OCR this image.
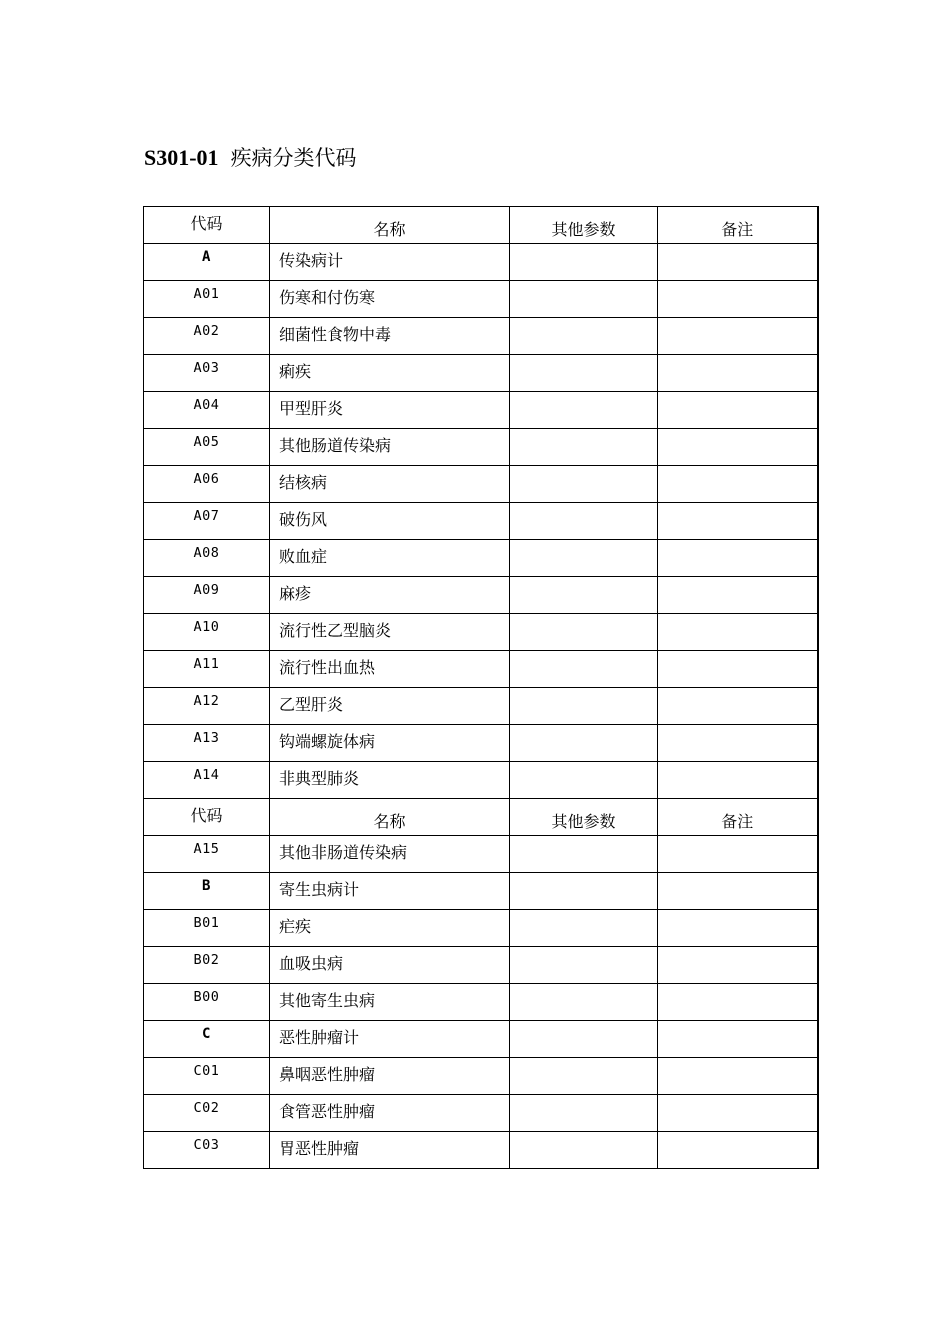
S301-01 疾病分类代码
代码	名称	其他参数	备注

A	传染病计		

A01	伤寒和付伤寒		

A02	细菌性食物中毒		

A03	痢疾		

A04	甲型肝炎		

A05	其他肠道传染病		

A06	结核病		

A07	破伤风		

A08	败血症		

A09	麻疹		

A10	流行性乙型脑炎		

A11	流行性出血热		

A12	乙型肝炎		

A13	钩端螺旋体病		

A14	非典型肺炎		

代码	名称	其他参数	备注

A15	其他非肠道传染病		

B	寄生虫病计		

B01	疟疾		

B02	血吸虫病		

B00	其他寄生虫病		

C	恶性肿瘤计		

C01	鼻咽恶性肿瘤		

C02	食管恶性肿瘤		

C03	胃恶性肿瘤		
